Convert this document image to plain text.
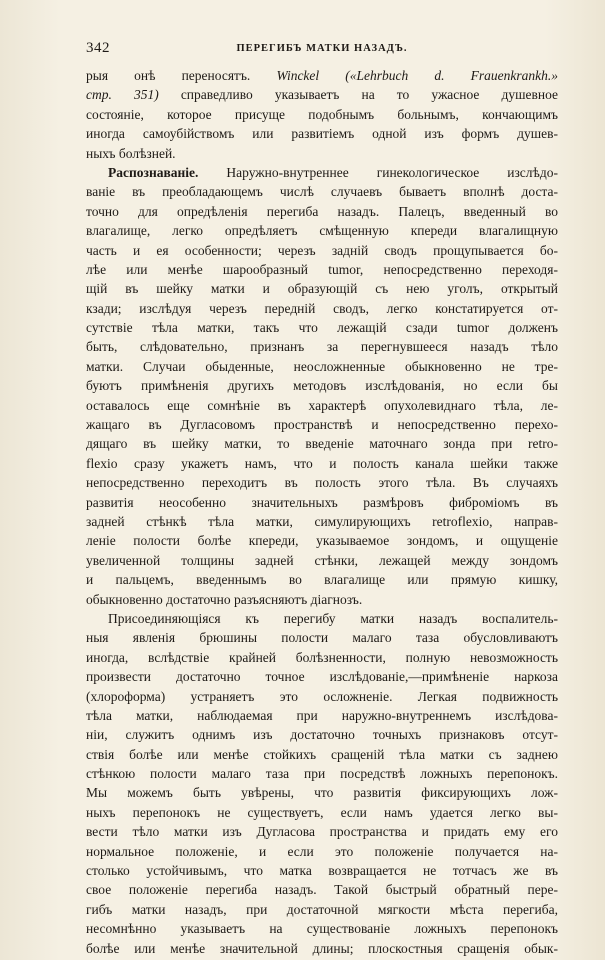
342	ПЕРЕГИБЪ МАТКИ НАЗАДЪ.
рыя онѣ переносятъ. Winckel («Lehrbuch d. Frauenkrankh.»
стр. 351) справедливо указываетъ на то ужасное душевное
состояніе, которое присуще подобнымъ больнымъ, кончающимъ
иногда самоубійствомъ или развитіемъ одной изъ формъ душев-
ныхъ болѣзней.
Распознаваніе. Наружно-внутреннее гинекологическое изслѣдо-
ваніе въ преобладающемъ числѣ случаевъ бываетъ вполнѣ доста-
точно для опредѣленія перегиба назадъ. Палецъ, введенный во
влагалище, легко опредѣляетъ смѣщенную кпереди влагалищную
часть и ея особенности; черезъ задній сводъ прощупывается бо-
лѣе или менѣе шарообразный tumor, непосредственно переходя-
щій въ шейку матки и образующій съ нею уголъ, открытый
кзади; изслѣдуя черезъ передній сводъ, легко констатируется от-
сутствіе тѣла матки, такъ что лежащій сзади tumor долженъ
быть, слѣдовательно, признанъ за перегнувшееся назадъ тѣло
матки. Случаи обыденные, неосложненные обыкновенно не тре-
буютъ примѣненія другихъ методовъ изслѣдованія, но если бы
оставалось еще сомнѣніе въ характерѣ опухолевиднаго тѣла, ле-
жащаго въ Дугласовомъ пространствѣ и непосредственно перехо-
дящаго въ шейку матки, то введеніе маточнаго зонда при retro-
flexio сразу укажетъ намъ, что и полость канала шейки также
непосредственно переходитъ въ полость этого тѣла. Въ случаяхъ
развитія неособенно значительныхъ размѣровъ фиброміомъ въ
задней стѣнкѣ тѣла матки, симулирующихъ retroflexio, направ-
леніе полости болѣе кпереди, указываемое зондомъ, и ощущеніе
увеличенной толщины задней стѣнки, лежащей между зондомъ
и пальцемъ, введеннымъ во влагалище или прямую кишку,
обыкновенно достаточно разъясняютъ діагнозъ.
Присоединяющіяся къ перегибу матки назадъ воспалитель-
ныя явленія брюшины полости малаго таза обусловливаютъ
иногда, вслѣдствіе крайней болѣзненности, полную невозможность
произвести достаточно точное изслѣдованіе,—примѣненіе наркоза
(хлороформа) устраняетъ это осложненіе. Легкая подвижность
тѣла матки, наблюдаемая при наружно-внутреннемъ изслѣдова-
ніи, служитъ однимъ изъ достаточно точныхъ признаковъ отсут-
ствія болѣе или менѣе стойкихъ сращеній тѣла матки съ заднею
стѣнкою полости малаго таза при посредствѣ ложныхъ перепонокъ.
Мы можемъ быть увѣрены, что развитія фиксирующихъ лож-
ныхъ перепонокъ не существуетъ, если намъ удается легко вы-
вести тѣло матки изъ Дугласова пространства и придать ему его
нормальное положеніе, и если это положеніе получается на-
столько устойчивымъ, что матка возвращается не тотчасъ же въ
свое положеніе перегиба назадъ. Такой быстрый обратный пере-
гибъ матки назадъ, при достаточной мягкости мѣста перегиба,
несомнѣнно указываетъ на существованіе ложныхъ перепонокъ
болѣе или менѣе значительной длины; плоскостныя сращенія обык-
